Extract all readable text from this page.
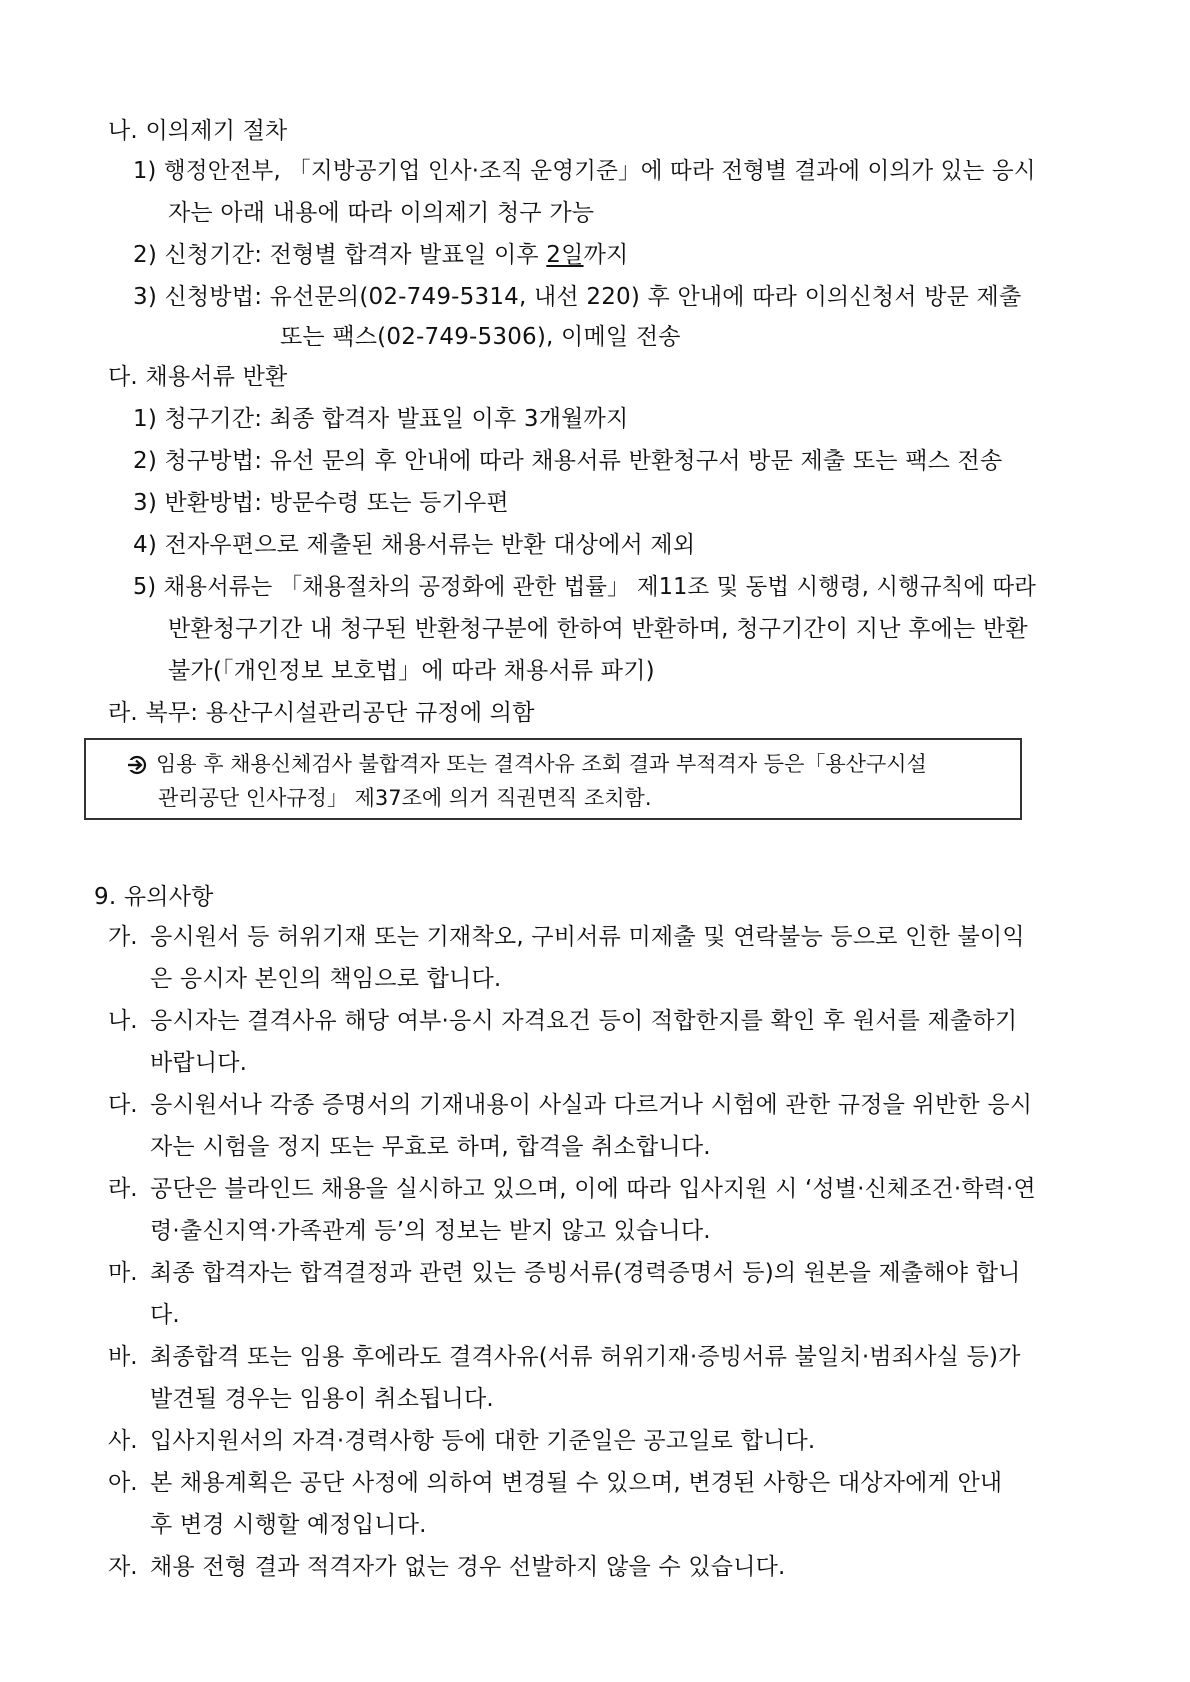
나. 이의제기 절차
1) 행정안전부, 「지방공기업 인사·조직 운영기준」에 따라 전형별 결과에 이의가 있는 응시
자는 아래 내용에 따라 이의제기 청구 가능
2) 신청기간: 전형별 합격자 발표일 이후 2일까지
3) 신청방법: 유선문의(02-749-5314, 내선 220) 후 안내에 따라 이의신청서 방문 제출
또는 팩스(02-749-5306), 이메일 전송
다. 채용서류 반환
1) 청구기간: 최종 합격자 발표일 이후 3개월까지
2) 청구방법: 유선 문의 후 안내에 따라 채용서류 반환청구서 방문 제출 또는 팩스 전송
3) 반환방법: 방문수령 또는 등기우편
4) 전자우편으로 제출된 채용서류는 반환 대상에서 제외
5) 채용서류는 「채용절차의 공정화에 관한 법률」 제11조 및 동법 시행령, 시행규칙에 따라
반환청구기간 내 청구된 반환청구분에 한하여 반환하며, 청구기간이 지난 후에는 반환
불가(「개인정보 보호법」에 따라 채용서류 파기)
라. 복무: 용산구시설관리공단 규정에 의함
임용 후 채용신체검사 불합격자 또는 결격사유 조회 결과 부적격자 등은「용산구시설
관리공단 인사규정」 제37조에 의거 직권면직 조치함.
9. 유의사항
가. 응시원서 등 허위기재 또는 기재착오, 구비서류 미제출 및 연락불능 등으로 인한 불이익
은 응시자 본인의 책임으로 합니다.
나. 응시자는 결격사유 해당 여부·응시 자격요건 등이 적합한지를 확인 후 원서를 제출하기
바랍니다.
다. 응시원서나 각종 증명서의 기재내용이 사실과 다르거나 시험에 관한 규정을 위반한 응시
자는 시험을 정지 또는 무효로 하며, 합격을 취소합니다.
라. 공단은 블라인드 채용을 실시하고 있으며, 이에 따라 입사지원 시 ‘성별·신체조건·학력·연
령·출신지역·가족관계 등’의 정보는 받지 않고 있습니다.
마. 최종 합격자는 합격결정과 관련 있는 증빙서류(경력증명서 등)의 원본을 제출해야 합니
다.
바. 최종합격 또는 임용 후에라도 결격사유(서류 허위기재·증빙서류 불일치·범죄사실 등)가
발견될 경우는 임용이 취소됩니다.
사. 입사지원서의 자격·경력사항 등에 대한 기준일은 공고일로 합니다.
아. 본 채용계획은 공단 사정에 의하여 변경될 수 있으며, 변경된 사항은 대상자에게 안내
후 변경 시행할 예정입니다.
자. 채용 전형 결과 적격자가 없는 경우 선발하지 않을 수 있습니다.
